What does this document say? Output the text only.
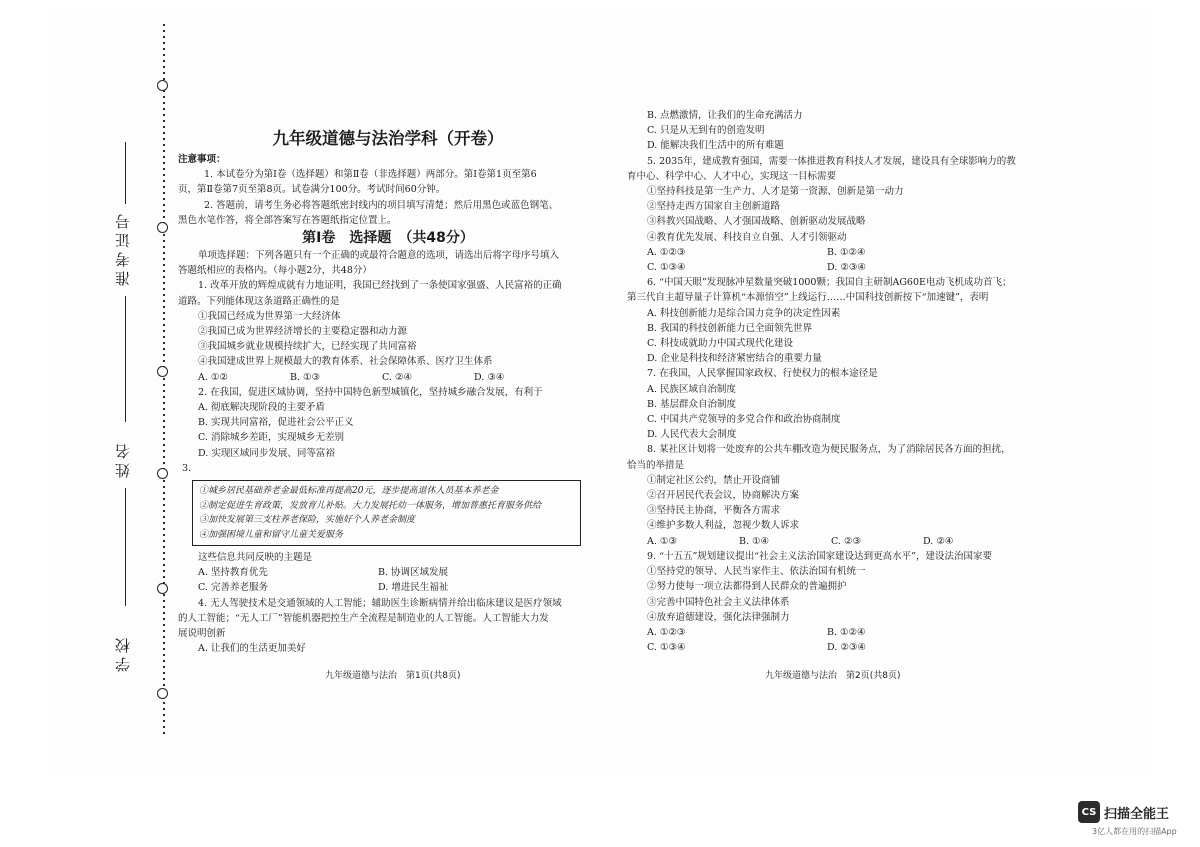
准考证号
姓名
学校

九年级道德与法治学科（开卷）

注意事项：

1. 本试卷分为第Ⅰ卷（选择题）和第Ⅱ卷（非选择题）两部分。第Ⅰ卷第1页至第6

页，第Ⅱ卷第7页至第8页。试卷满分100分。考试时间60分钟。

2. 答题前，请考生务必将答题纸密封线内的项目填写清楚；然后用黑色或蓝色钢笔、

黑色水笔作答，将全部答案写在答题纸指定位置上。

第Ⅰ卷　选择题　（共48分）

单项选择题：下列各题只有一个正确的或最符合题意的选项，请选出后将字母序号填入

答题纸相应的表格内。（每小题2分，共48分）

1. 改革开放的辉煌成就有力地证明，我国已经找到了一条使国家强盛、人民富裕的正确

道路。下列能体现这条道路正确性的是

①我国已经成为世界第一大经济体

②我国已成为世界经济增长的主要稳定器和动力源

③我国城乡就业规模持续扩大，已经实现了共同富裕

④我国建成世界上规模最大的教育体系、社会保障体系、医疗卫生体系

A. ①②	B. ①③	C. ②④	D. ③④

2. 在我国，促进区域协调，坚持中国特色新型城镇化，坚持城乡融合发展，有利于

A. 彻底解决现阶段的主要矛盾

B. 实现共同富裕，促进社会公平正义

C. 消除城乡差距，实现城乡无差别

D. 实现区域同步发展、同等富裕

3.

①城乡居民基础养老金最低标准再提高20元，逐步提高退休人员基本养老金

②制定促进生育政策，发放育儿补贴。大力发展托幼一体服务，增加普惠托育服务供给

③加快发展第三支柱养老保险，实施好个人养老金制度

④加强困境儿童和留守儿童关爱服务

这些信息共同反映的主题是

A. 坚持教育优先	B. 协调区域发展
C. 完善养老服务	D. 增进民生福祉

4. 无人驾驶技术是交通领域的人工智能；辅助医生诊断病情并给出临床建议是医疗领域

的人工智能；“无人工厂”智能机器把控生产全流程是制造业的人工智能。人工智能大力发

展说明创新

A. 让我们的生活更加美好

九年级道德与法治　第1页(共8页)

B. 点燃激情，让我们的生命充满活力

C. 只是从无到有的创造发明

D. 能解决我们生活中的所有难题

5. 2035年，建成教育强国，需要一体推进教育科技人才发展，建设具有全球影响力的教

育中心、科学中心、人才中心，实现这一目标需要

①坚持科技是第一生产力、人才是第一资源、创新是第一动力

②坚持走西方国家自主创新道路

③科教兴国战略、人才强国战略、创新驱动发展战略

④教育优先发展、科技自立自强、人才引领驱动

A. ①②③	B. ①②④
C. ①③④	D. ②③④

6. “中国天眼”发现脉冲星数量突破1000颗；我国自主研制AG60E电动飞机成功首飞；

第三代自主超导量子计算机“本源悟空”上线运行……中国科技创新按下“加速键”，表明

A. 科技创新能力是综合国力竞争的决定性因素

B. 我国的科技创新能力已全面领先世界

C. 科技成就助力中国式现代化建设

D. 企业是科技和经济紧密结合的重要力量

7. 在我国，人民掌握国家政权、行使权力的根本途径是

A. 民族区域自治制度

B. 基层群众自治制度

C. 中国共产党领导的多党合作和政治协商制度

D. 人民代表大会制度

8. 某社区计划将一处废弃的公共车棚改造为便民服务点，为了消除居民各方面的担扰，

恰当的举措是

①制定社区公约，禁止开设商铺

②召开居民代表会议，协商解决方案

③坚持民主协商，平衡各方需求

④维护多数人利益，忽视少数人诉求

A. ①③	B. ①④	C. ②③	D. ②④

9. “十五五”规划建议提出“社会主义法治国家建设达到更高水平”，建设法治国家要

①坚持党的领导、人民当家作主、依法治国有机统一

②努力使每一项立法都得到人民群众的普遍拥护

③完善中国特色社会主义法律体系

④放弃道德建设，强化法律强制力

A. ①②③	B. ①②④
C. ①③④	D. ②③④
九年级道德与法治　第2页(共8页)
CS 扫描全能王
3亿人都在用的扫描App
